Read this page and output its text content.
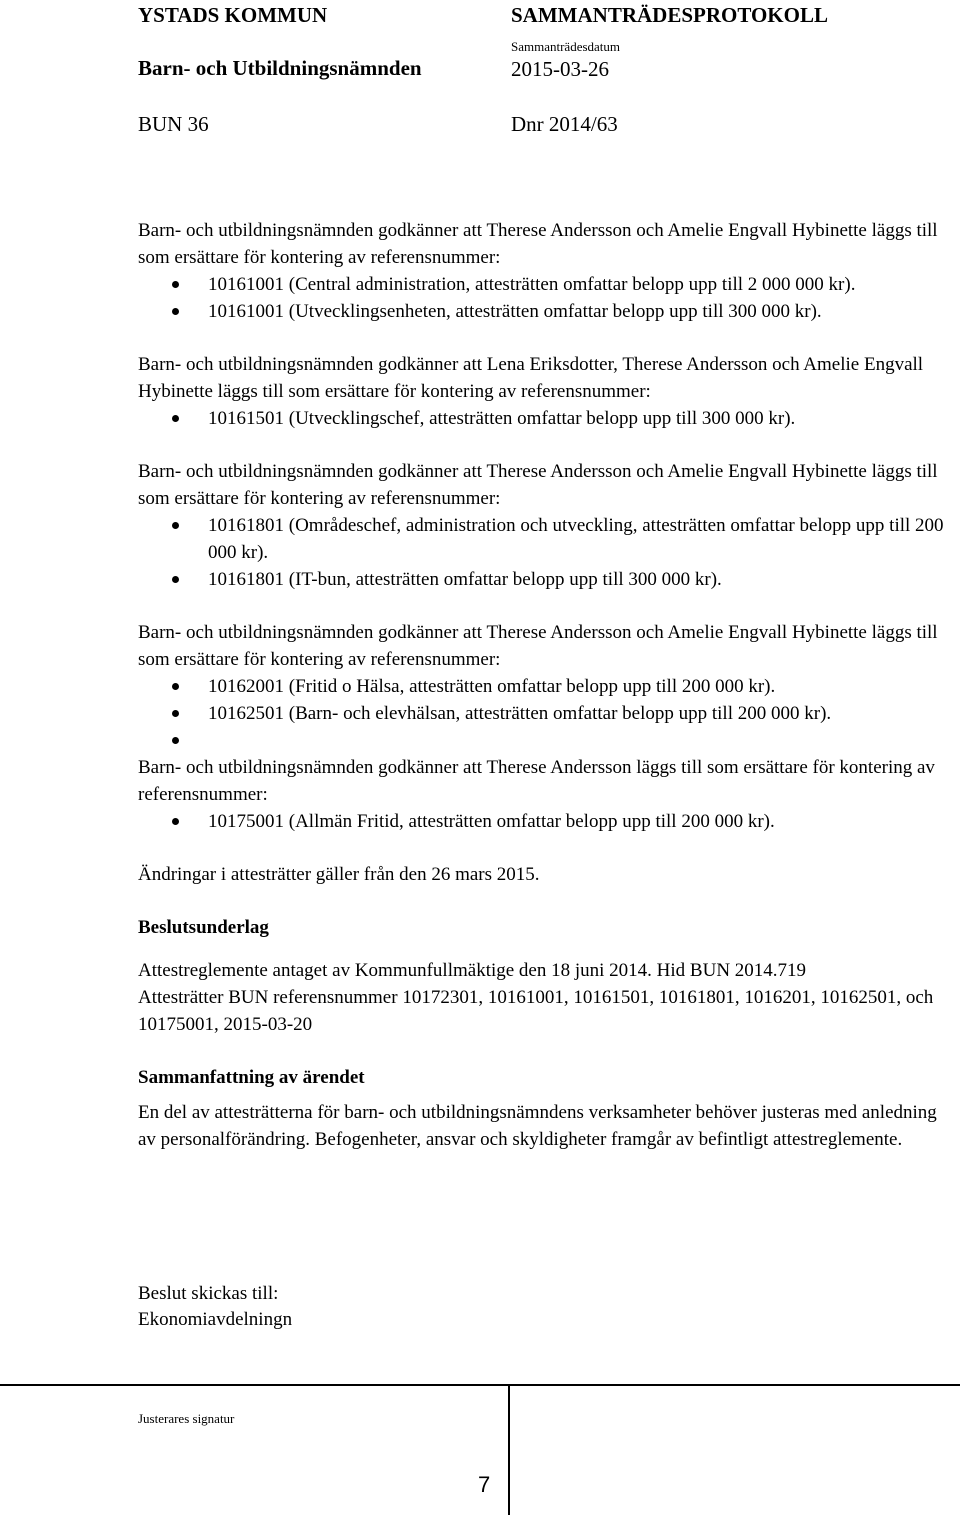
YSTADS KOMMUN	SAMMANTRÄDESPROTOKOLL
Barn- och Utbildningsnämnden
Sammanträdesdatum
2015-03-26
BUN 36	Dnr 2014/63

Barn- och utbildningsnämnden godkänner att Therese Andersson och Amelie Engvall Hybinette läggs till som ersättare för kontering av referensnummer:

10161001 (Central administration, attesträtten omfattar belopp upp till 2 000 000 kr).
10161001 (Utvecklingsenheten, attesträtten omfattar belopp upp till 300 000 kr).

Barn- och utbildningsnämnden godkänner att Lena Eriksdotter, Therese Andersson och Amelie Engvall Hybinette läggs till som ersättare för kontering av referensnummer:

10161501 (Utvecklingschef, attesträtten omfattar belopp upp till 300 000 kr).

Barn- och utbildningsnämnden godkänner att Therese Andersson och Amelie Engvall Hybinette läggs till som ersättare för kontering av referensnummer:

10161801 (Områdeschef, administration och utveckling, attesträtten omfattar belopp upp till 200 000 kr).
10161801 (IT-bun, attesträtten omfattar belopp upp till 300 000 kr).

Barn- och utbildningsnämnden godkänner att Therese Andersson och Amelie Engvall Hybinette läggs till som ersättare för kontering av referensnummer:

10162001 (Fritid o Hälsa, attesträtten omfattar belopp upp till 200 000 kr).
10162501 (Barn- och elevhälsan, attesträtten omfattar belopp upp till 200 000 kr).

Barn- och utbildningsnämnden godkänner att Therese Andersson läggs till som ersättare för kontering av referensnummer:

10175001 (Allmän Fritid, attesträtten omfattar belopp upp till 200 000 kr).

Ändringar i attesträtter gäller från den 26 mars 2015.

Beslutsunderlag

Attestreglemente antaget av Kommunfullmäktige den 18 juni 2014. Hid BUN 2014.719

Attesträtter BUN referensnummer 10172301, 10161001, 10161501, 10161801, 1016201, 10162501, och 10175001, 2015-03-20

Sammanfattning av ärendet

En del av attesträtterna för barn- och utbildningsnämndens verksamheter behöver justeras med anledning av personalförändring. Befogenheter, ansvar och skyldigheter framgår av befintligt attestreglemente.

Beslut skickas till:
Ekonomiavdelningn
Justerares signatur
7
